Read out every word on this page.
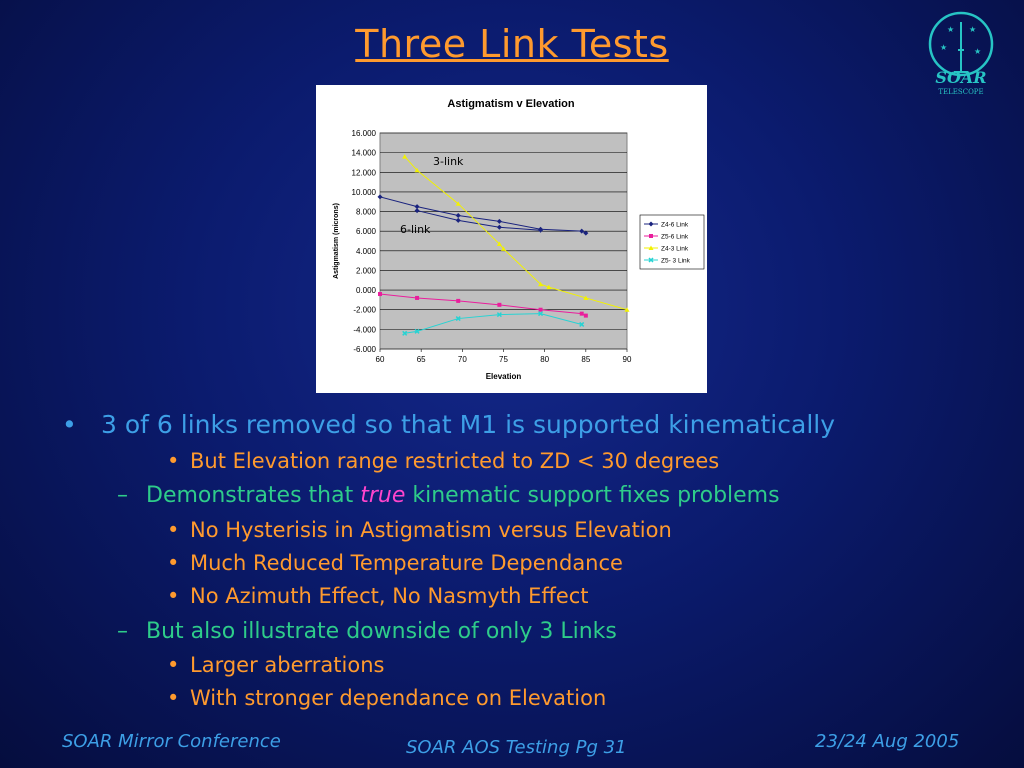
Three Link Tests	★ ★
★	★
SOAR
TELESCOPE
Astigmatism v Elevation
16.000
14.000
12.000
10.000
8.000
6.000
4.000
2.000
0.000
-2.000
-4.000
-6.000
60	65	70	75	80	85	90
Elevation
Astigmatism (microns)
3-link
6-link	Z4-6 Link
Z5-6 Link
Z4-3 Link
Z5- 3 Link
• 3 of 6 links removed so that M1 is supported kinematically
• But Elevation range restricted to ZD < 30 degrees
– Demonstrates that true kinematic support fixes problems
• No Hysterisis in Astigmatism versus Elevation
• Much Reduced Temperature Dependance
• No Azimuth Effect, No Nasmyth Effect
– But also illustrate downside of only 3 Links
• Larger aberrations
• With stronger dependance on Elevation
SOAR Mirror Conference	SOAR AOS Testing Pg 31	23/24 Aug 2005
